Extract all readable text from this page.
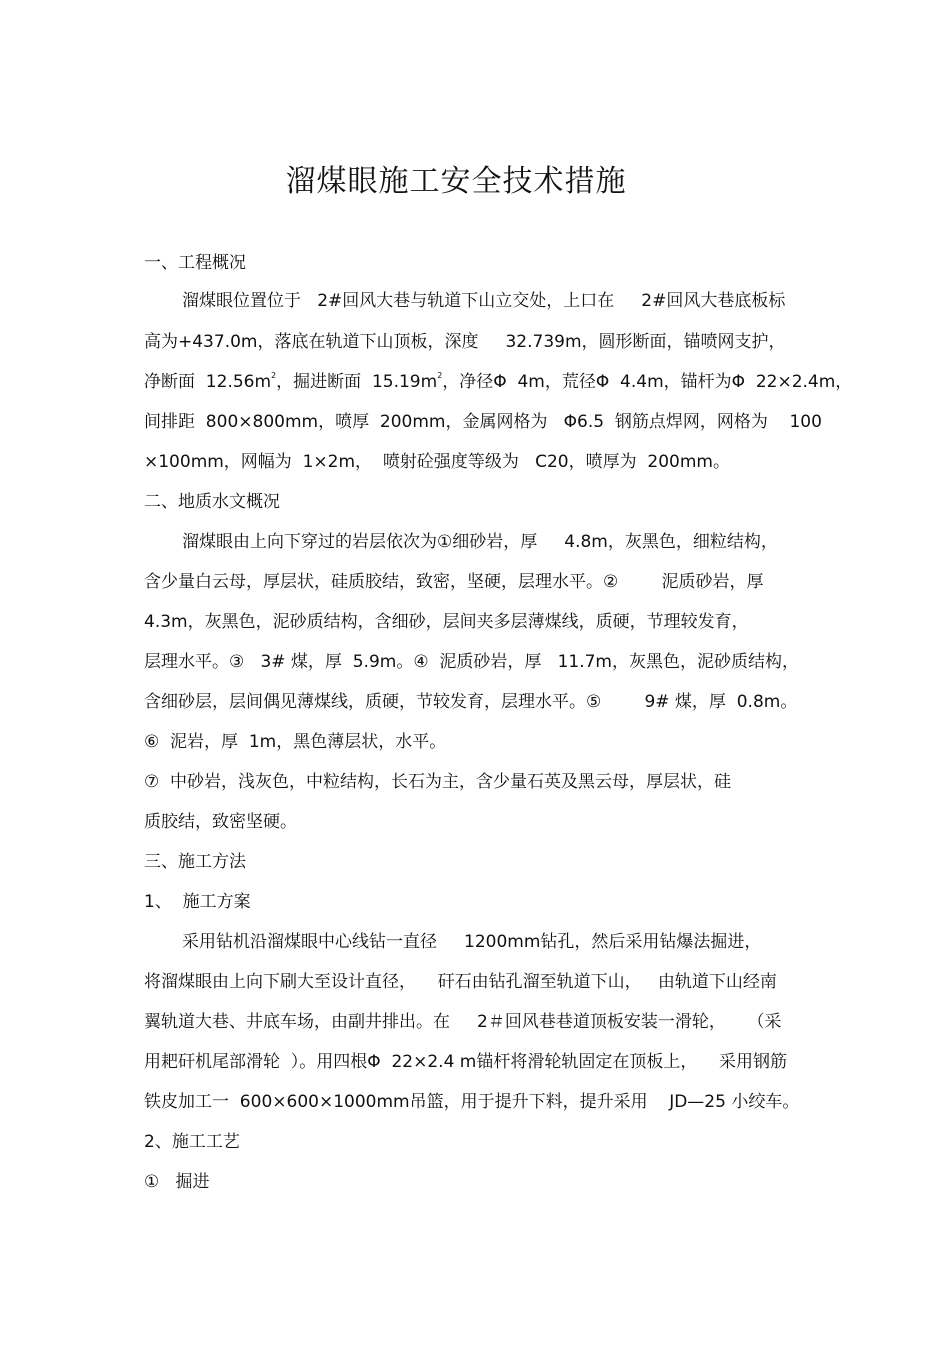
溜煤眼施工安全技术措施
一、工程概况
溜煤眼位置位于   2#回风大巷与轨道下山立交处，上口在     2#回风大巷底板标
高为+437.0m，落底在轨道下山顶板，深度     32.739m，圆形断面，锚喷网支护，
净断面  $12.56m^2$，掘进断面  $15.19m^2$，净径Φ  4m，荒径Φ  4.4m，锚杆为Φ  22×2.4m，
间排距  800×800mm，喷厚  200mm，金属网格为   Φ6.5  钢筋点焊网，网格为    100
×100mm，网幅为  1×2m，  喷射砼强度等级为   C20，喷厚为  200mm。
二、地质水文概况
溜煤眼由上向下穿过的岩层依次为①细砂岩，厚     4.8m，灰黑色，细粒结构，
含少量白云母，厚层状，硅质胶结，致密，坚硬，层理水平。②        泥质砂岩，厚
4.3m，灰黑色，泥砂质结构，含细砂，层间夹多层薄煤线，质硬，节理较发育，
层理水平。③   3# 煤，厚  5.9m。④  泥质砂岩，厚   11.7m，灰黑色，泥砂质结构，
含细砂层，层间偶见薄煤线，质硬，节较发育，层理水平。⑤        9# 煤，厚  0.8m。
⑥  泥岩，厚  1m，黑色薄层状，水平。
⑦  中砂岩，浅灰色，中粒结构，长石为主，含少量石英及黑云母，厚层状，硅
质胶结，致密坚硬。
三、施工方法
1、  施工方案
采用钻机沿溜煤眼中心线钻一直径     1200mm钻孔，然后采用钻爆法掘进，
将溜煤眼由上向下刷大至设计直径，    矸石由钻孔溜至轨道下山，   由轨道下山经南
翼轨道大巷、井底车场，由副井排出。在     2＃回风巷巷道顶板安装一滑轮，    （采
用耙矸机尾部滑轮  ）。用四根Φ  22×2.4 m锚杆将滑轮轨固定在顶板上，    采用钢筋
铁皮加工一  600×600×1000mm吊篮，用于提升下料，提升采用    JD—25 小绞车。
2、施工工艺
①   掘进
